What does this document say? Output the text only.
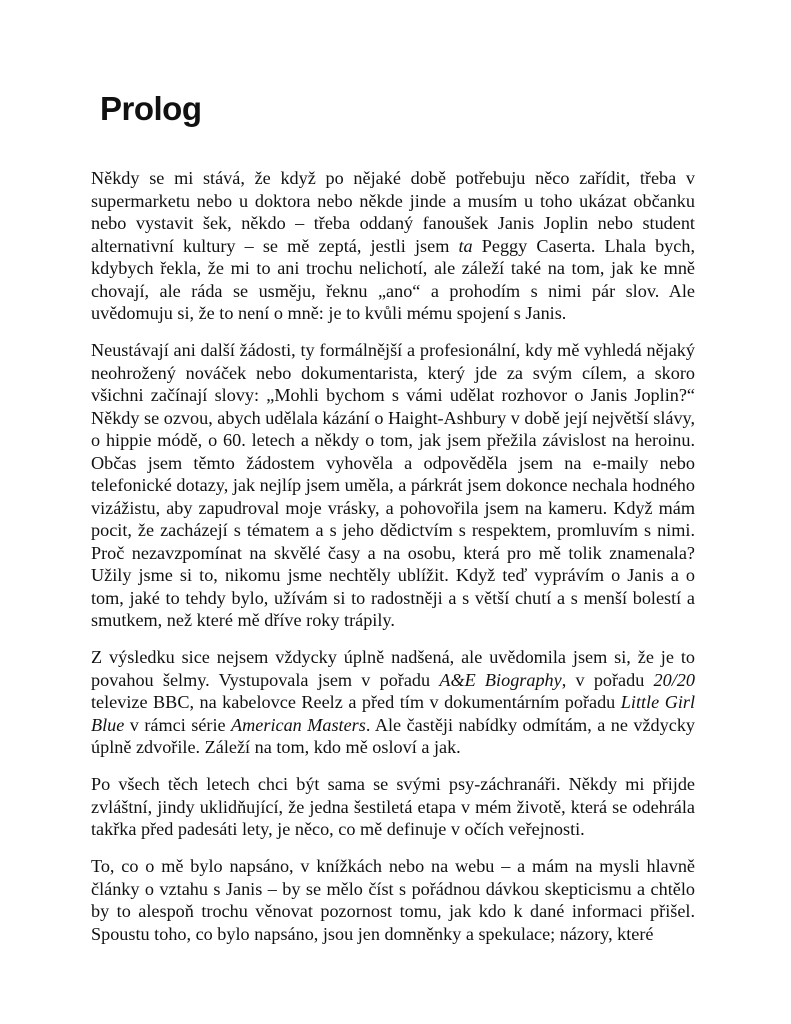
Prolog

Někdy se mi stává, že když po nějaké době potřebuju něco zařídit, třeba v supermarketu nebo u doktora nebo někde jinde a musím u toho ukázat občanku nebo vystavit šek, někdo – třeba oddaný fanoušek Janis Joplin nebo student alternativní kultury – se mě zeptá, jestli jsem ta Peggy Caserta. Lhala bych, kdybych řekla, že mi to ani trochu nelichotí, ale záleží také na tom, jak ke mně chovají, ale ráda se usměju, řeknu „ano“ a prohodím s nimi pár slov. Ale uvědomuju si, že to není o mně: je to kvůli mému spojení s Janis.

Neustávají ani další žádosti, ty formálnější a profesionální, kdy mě vyhledá nějaký neohrožený nováček nebo dokumentarista, který jde za svým cílem, a skoro všichni začínají slovy: „Mohli bychom s vámi udělat rozhovor o Janis Joplin?“ Někdy se ozvou, abych udělala kázání o Haight-Ashbury v době její největší slávy, o hippie módě, o 60. letech a někdy o tom, jak jsem přežila závislost na heroinu. Občas jsem těmto žádostem vyhověla a odpověděla jsem na e-maily nebo telefonické dotazy, jak nejlíp jsem uměla, a párkrát jsem dokonce nechala hodného vizážistu, aby zapudroval moje vrásky, a pohovořila jsem na kameru. Když mám pocit, že zacházejí s tématem a s jeho dědictvím s respektem, promluvím s nimi. Proč nezavzpomínat na skvělé časy a na osobu, která pro mě tolik znamenala? Užily jsme si to, nikomu jsme nechtěly ublížit. Když teď vyprávím o Janis a o tom, jaké to tehdy bylo, užívám si to radostněji a s větší chutí a s menší bolestí a smutkem, než které mě dříve roky trápily.

Z výsledku sice nejsem vždycky úplně nadšená, ale uvědomila jsem si, že je to povahou šelmy. Vystupovala jsem v pořadu A&E Biography, v pořadu 20/20 televize BBC, na kabelovce Reelz a před tím v dokumentárním pořadu Little Girl Blue v rámci série American Masters. Ale častěji nabídky odmítám, a ne vždycky úplně zdvořile. Záleží na tom, kdo mě osloví a jak.

Po všech těch letech chci být sama se svými psy-záchranáři. Někdy mi přijde zvláštní, jindy uklidňující, že jedna šestiletá etapa v mém životě, která se odehrála takřka před padesáti lety, je něco, co mě definuje v očích veřejnosti.

To, co o mě bylo napsáno, v knížkách nebo na webu – a mám na mysli hlavně články o vztahu s Janis – by se mělo číst s pořádnou dávkou skepticismu a chtělo by to alespoň trochu věnovat pozornost tomu, jak kdo k dané informaci přišel. Spoustu toho, co bylo napsáno, jsou jen domněnky a spekulace; názory, které
